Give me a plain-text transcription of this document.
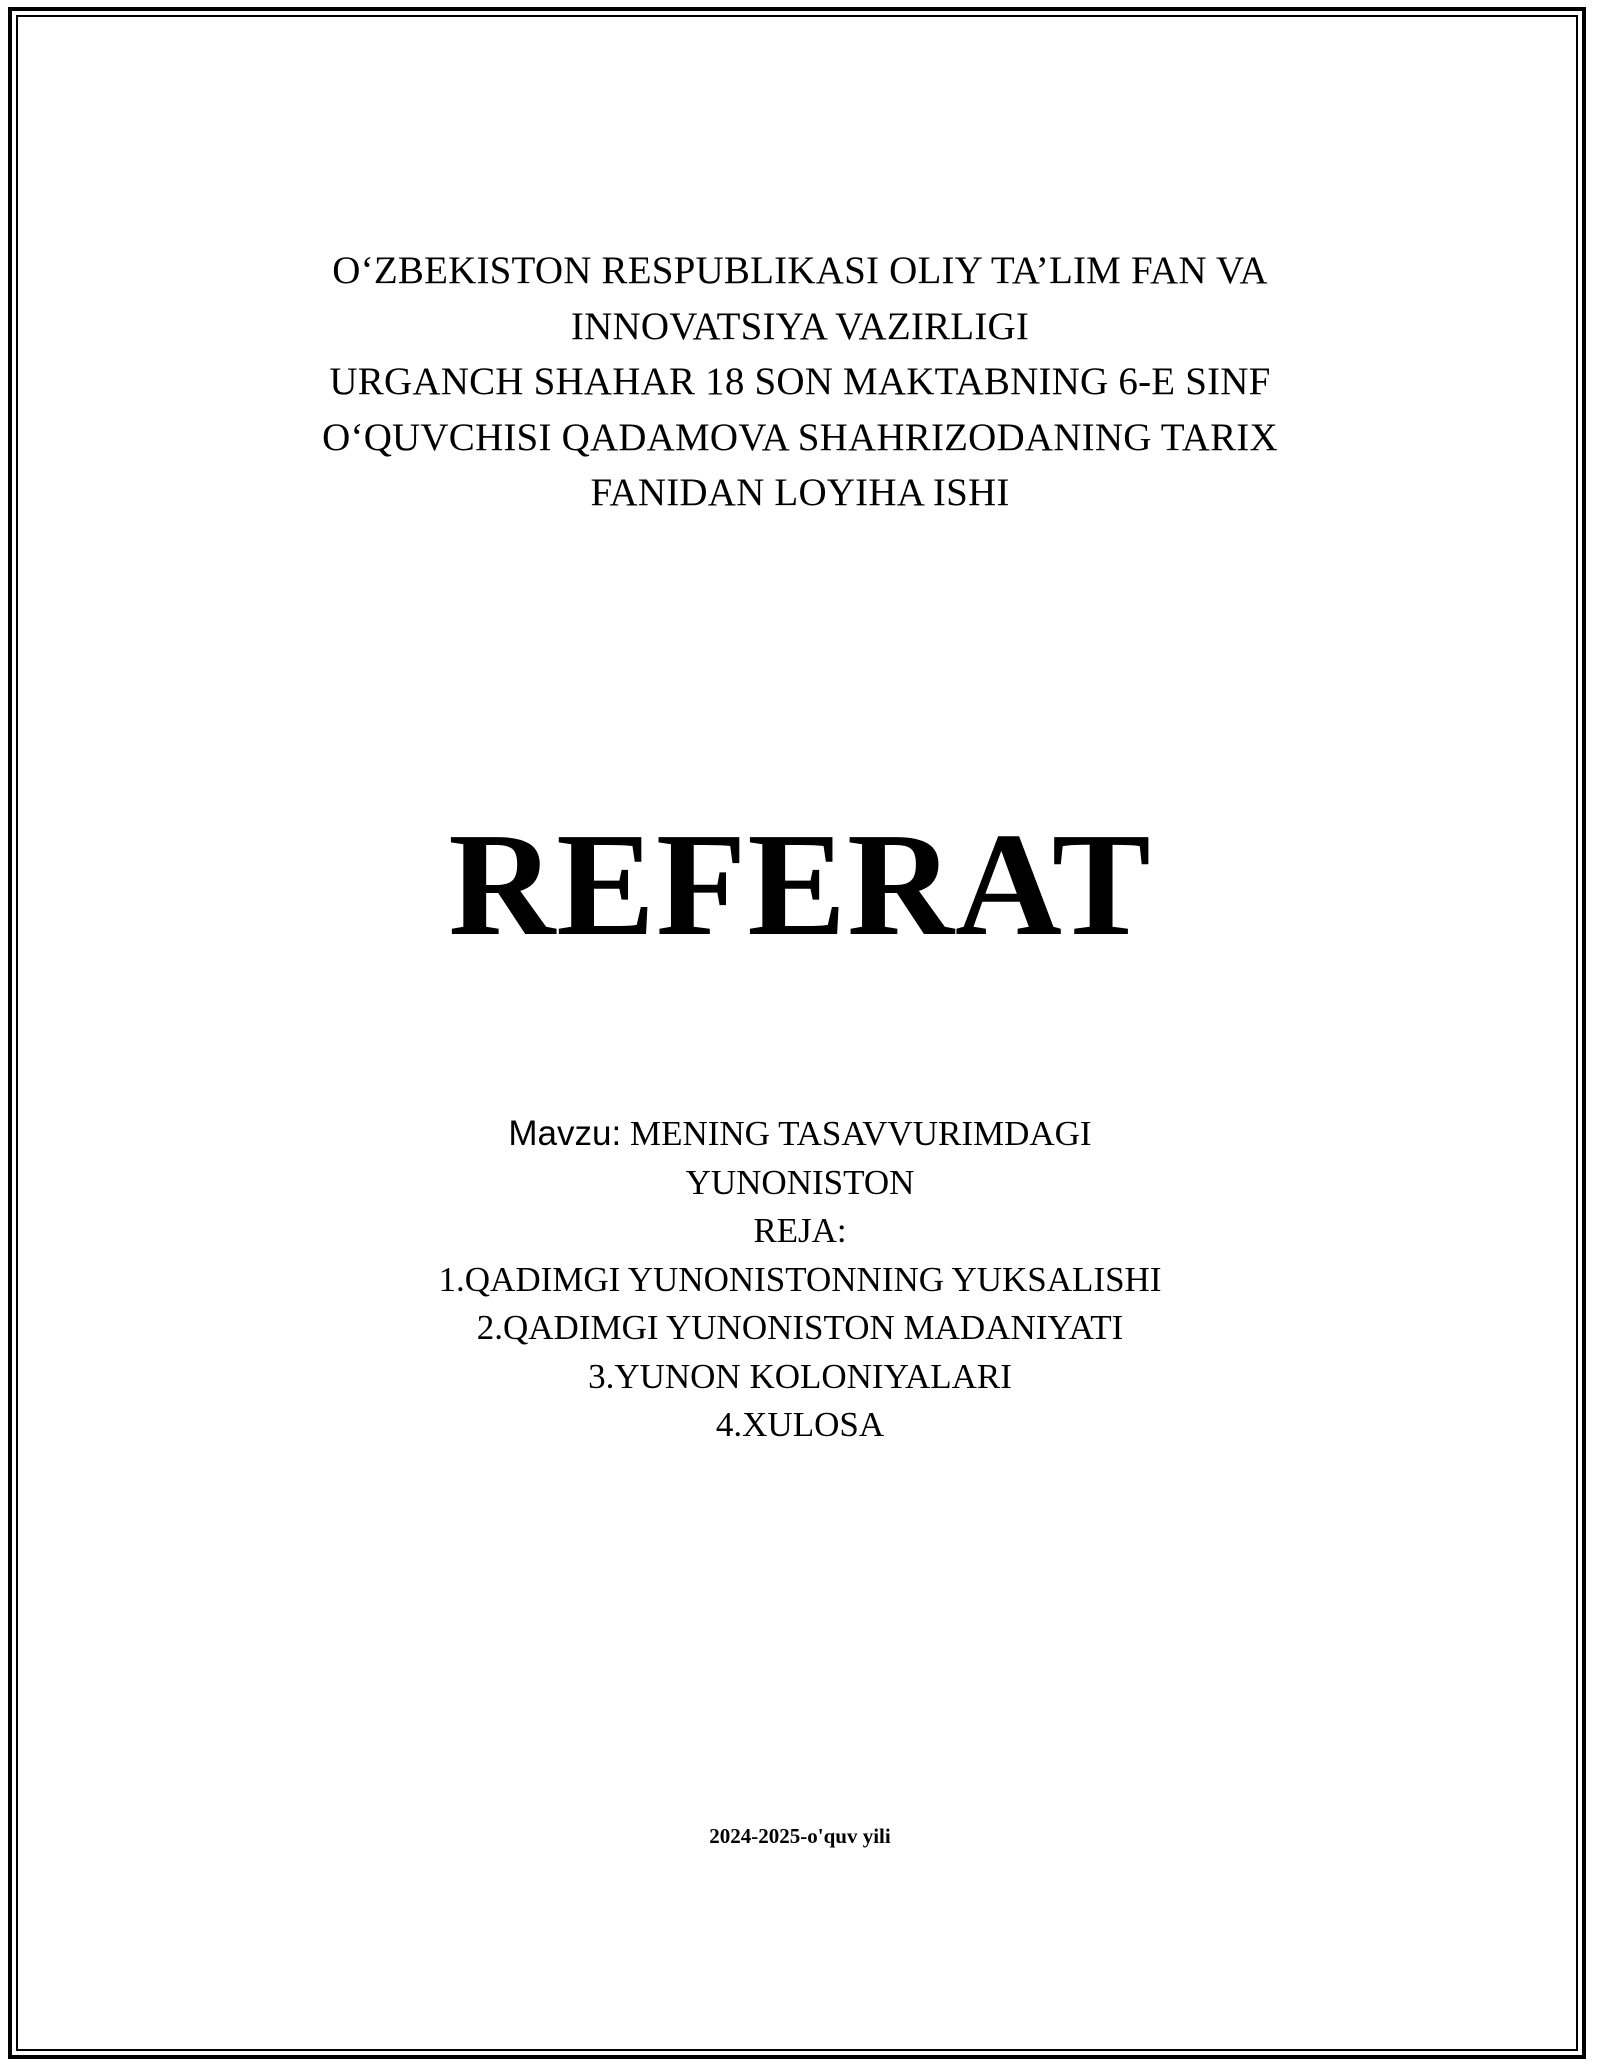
O‘ZBEKISTON RESPUBLIKASI OLIY TA’LIM FAN VA
INNOVATSIYA VAZIRLIGI
URGANCH SHAHAR 18 SON MAKTABNING 6-E SINF
O‘QUVCHISI QADAMOVA SHAHRIZODANING TARIX
FANIDAN LOYIHA ISHI
REFERAT
Mavzu: MENING TASAVVURIMDAGI
YUNONISTON
REJA:
1.QADIMGI YUNONISTONNING YUKSALISHI
2.QADIMGI YUNONISTON MADANIYATI
3.YUNON KOLONIYALARI
4.XULOSA
2024-2025-o'quv yili
